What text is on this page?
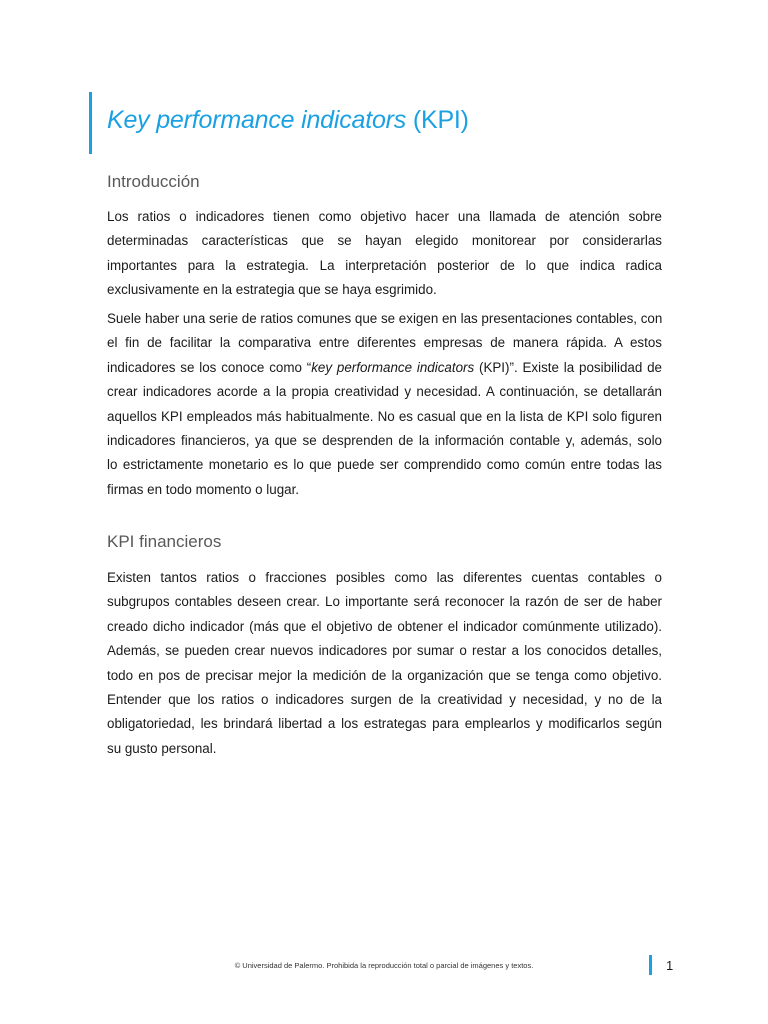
Key performance indicators (KPI)
Introducción
Los ratios o indicadores tienen como objetivo hacer una llamada de atención sobre
determinadas características que se hayan elegido monitorear por considerarlas
importantes para la estrategia. La interpretación posterior de lo que indica radica
exclusivamente en la estrategia que se haya esgrimido.
Suele haber una serie de ratios comunes que se exigen en las presentaciones contables, con
el fin de facilitar la comparativa entre diferentes empresas de manera rápida. A estos
indicadores se los conoce como “key performance indicators (KPI)”. Existe la posibilidad de
crear indicadores acorde a la propia creatividad y necesidad. A continuación, se detallarán
aquellos KPI empleados más habitualmente. No es casual que en la lista de KPI solo figuren
indicadores financieros, ya que se desprenden de la información contable y, además, solo
lo estrictamente monetario es lo que puede ser comprendido como común entre todas las
firmas en todo momento o lugar.
KPI financieros
Existen tantos ratios o fracciones posibles como las diferentes cuentas contables o
subgrupos contables deseen crear. Lo importante será reconocer la razón de ser de haber
creado dicho indicador (más que el objetivo de obtener el indicador comúnmente utilizado).
Además, se pueden crear nuevos indicadores por sumar o restar a los conocidos detalles,
todo en pos de precisar mejor la medición de la organización que se tenga como objetivo.
Entender que los ratios o indicadores surgen de la creatividad y necesidad, y no de la
obligatoriedad, les brindará libertad a los estrategas para emplearlos y modificarlos según
su gusto personal.
© Universidad de Palermo. Prohibida la reproducción total o parcial de imágenes y textos.	1
